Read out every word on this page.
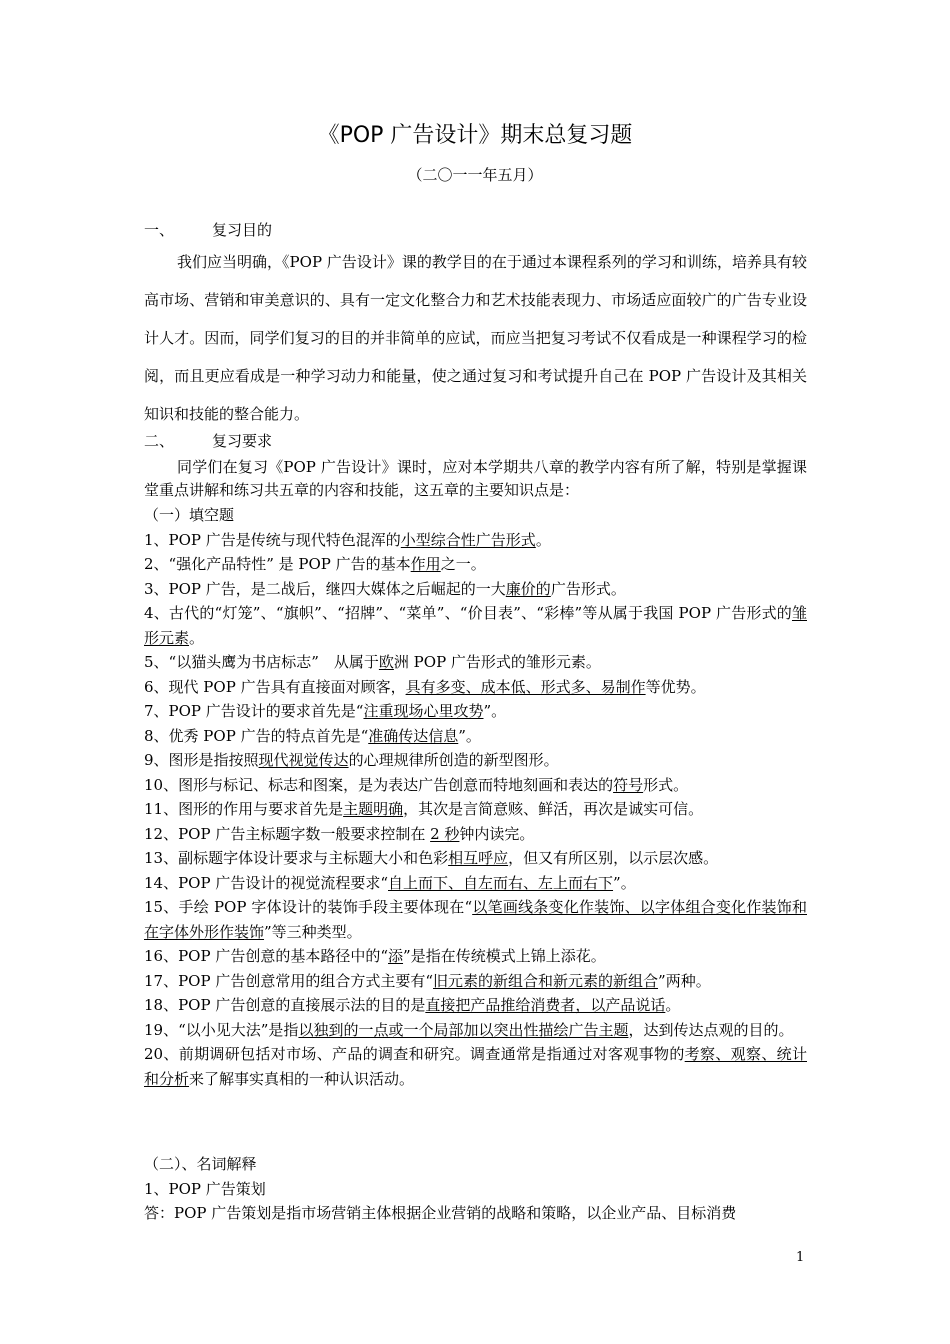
《POP 广告设计》期末总复习题
（二〇一一年五月）
一、	复习目的
我们应当明确，《POP 广告设计》课的教学目的在于通过本课程系列的学习和训练，培养具有较高市场、营销和审美意识的、具有一定文化整合力和艺术技能表现力、市场适应面较广的广告专业设计人才。因而，同学们复习的目的并非简单的应试，而应当把复习考试不仅看成是一种课程学习的检阅，而且更应看成是一种学习动力和能量，使之通过复习和考试提升自己在 POP 广告设计及其相关知识和技能的整合能力。
二、	复习要求
同学们在复习《POP 广告设计》课时，应对本学期共八章的教学内容有所了解，特别是掌握课堂重点讲解和练习共五章的内容和技能，这五章的主要知识点是：
（一）填空题
1、POP 广告是传统与现代特色混浑的小型综合性广告形式。
2、“强化产品特性” 是 POP 广告的基本作用之一。
3、POP 广告，是二战后，继四大媒体之后崛起的一大廉价的广告形式。
4、古代的“灯笼”、“旗帜”、“招牌”、“菜单”、“价目表”、“彩棒”等从属于我国 POP 广告形式的雏形元素。
5、“以猫头鹰为书店标志”　从属于欧洲 POP 广告形式的雏形元素。
6、现代 POP 广告具有直接面对顾客，具有多变、成本低、形式多、易制作等优势。
7、POP 广告设计的要求首先是“注重现场心里攻势”。
8、优秀 POP 广告的特点首先是“准确传达信息”。
9、图形是指按照现代视觉传达的心理规律所创造的新型图形。
10、图形与标记、标志和图案，是为表达广告创意而特地刻画和表达的符号形式。
11、图形的作用与要求首先是主题明确，其次是言简意赅、鲜活，再次是诚实可信。
12、POP 广告主标题字数一般要求控制在 2 秒钟内读完。
13、副标题字体设计要求与主标题大小和色彩相互呼应，但又有所区别，以示层次感。
14、POP 广告设计的视觉流程要求“自上而下、自左而右、左上而右下”。
15、手绘 POP 字体设计的装饰手段主要体现在“以笔画线条变化作装饰、以字体组合变化作装饰和在字体外形作装饰”等三种类型。
16、POP 广告创意的基本路径中的“添”是指在传统模式上锦上添花。
17、POP 广告创意常用的组合方式主要有“旧元素的新组合和新元素的新组合”两种。
18、POP 广告创意的直接展示法的目的是直接把产品推给消费者，以产品说话。
19、“以小见大法”是指以独到的一点或一个局部加以突出性描绘广告主题，达到传达点观的目的。
20、前期调研包括对市场、产品的调查和研究。调查通常是指通过对客观事物的考察、观察、统计和分析来了解事实真相的一种认识活动。
（二）、名词解释
1、POP 广告策划
答：POP 广告策划是指市场营销主体根据企业营销的战略和策略，以企业产品、目标消费
1
